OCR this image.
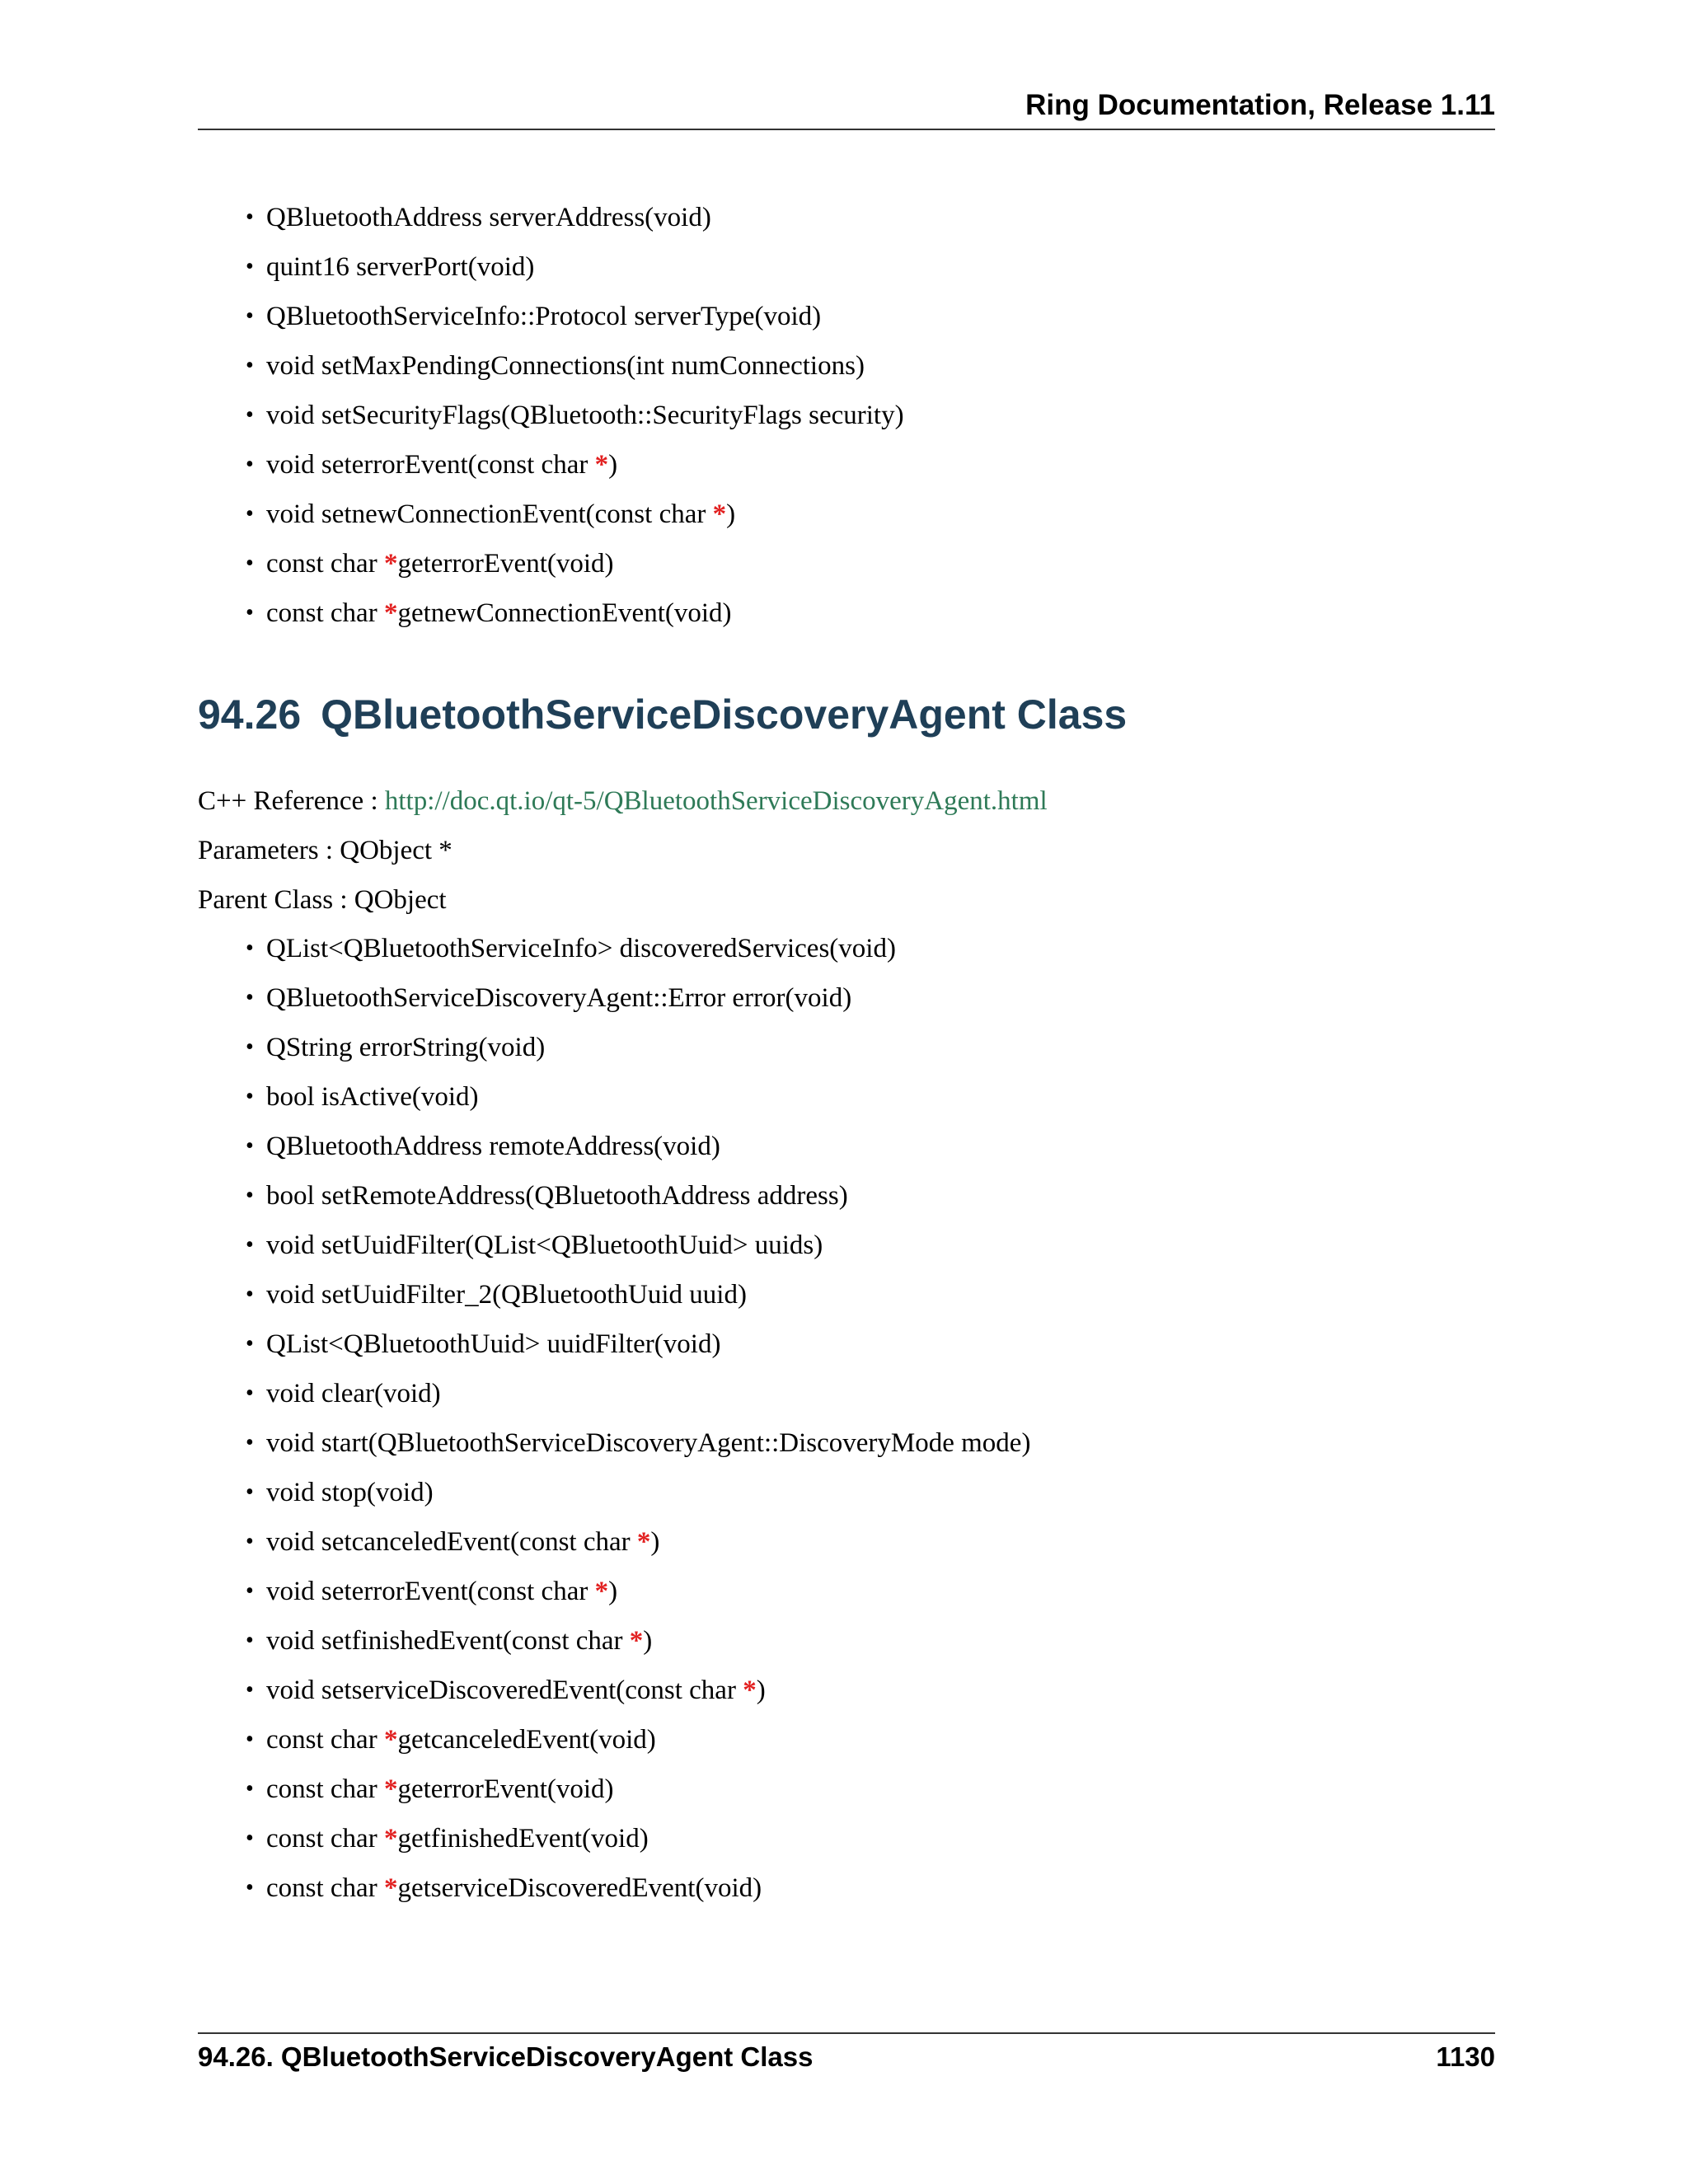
Ring Documentation, Release 1.11
• QBluetoothAddress serverAddress(void)
• quint16 serverPort(void)
• QBluetoothServiceInfo::Protocol serverType(void)
• void setMaxPendingConnections(int numConnections)
• void setSecurityFlags(QBluetooth::SecurityFlags security)
• void seterrorEvent(const char *)
• void setnewConnectionEvent(const char *)
• const char *geterrorEvent(void)
• const char *getnewConnectionEvent(void)
94.26 QBluetoothServiceDiscoveryAgent Class
C++ Reference : http://doc.qt.io/qt-5/QBluetoothServiceDiscoveryAgent.html
Parameters : QObject *
Parent Class : QObject
• QList<QBluetoothServiceInfo> discoveredServices(void)
• QBluetoothServiceDiscoveryAgent::Error error(void)
• QString errorString(void)
• bool isActive(void)
• QBluetoothAddress remoteAddress(void)
• bool setRemoteAddress(QBluetoothAddress address)
• void setUuidFilter(QList<QBluetoothUuid> uuids)
• void setUuidFilter_2(QBluetoothUuid uuid)
• QList<QBluetoothUuid> uuidFilter(void)
• void clear(void)
• void start(QBluetoothServiceDiscoveryAgent::DiscoveryMode mode)
• void stop(void)
• void setcanceledEvent(const char *)
• void seterrorEvent(const char *)
• void setfinishedEvent(const char *)
• void setserviceDiscoveredEvent(const char *)
• const char *getcanceledEvent(void)
• const char *geterrorEvent(void)
• const char *getfinishedEvent(void)
• const char *getserviceDiscoveredEvent(void)
94.26. QBluetoothServiceDiscoveryAgent Class	1130
